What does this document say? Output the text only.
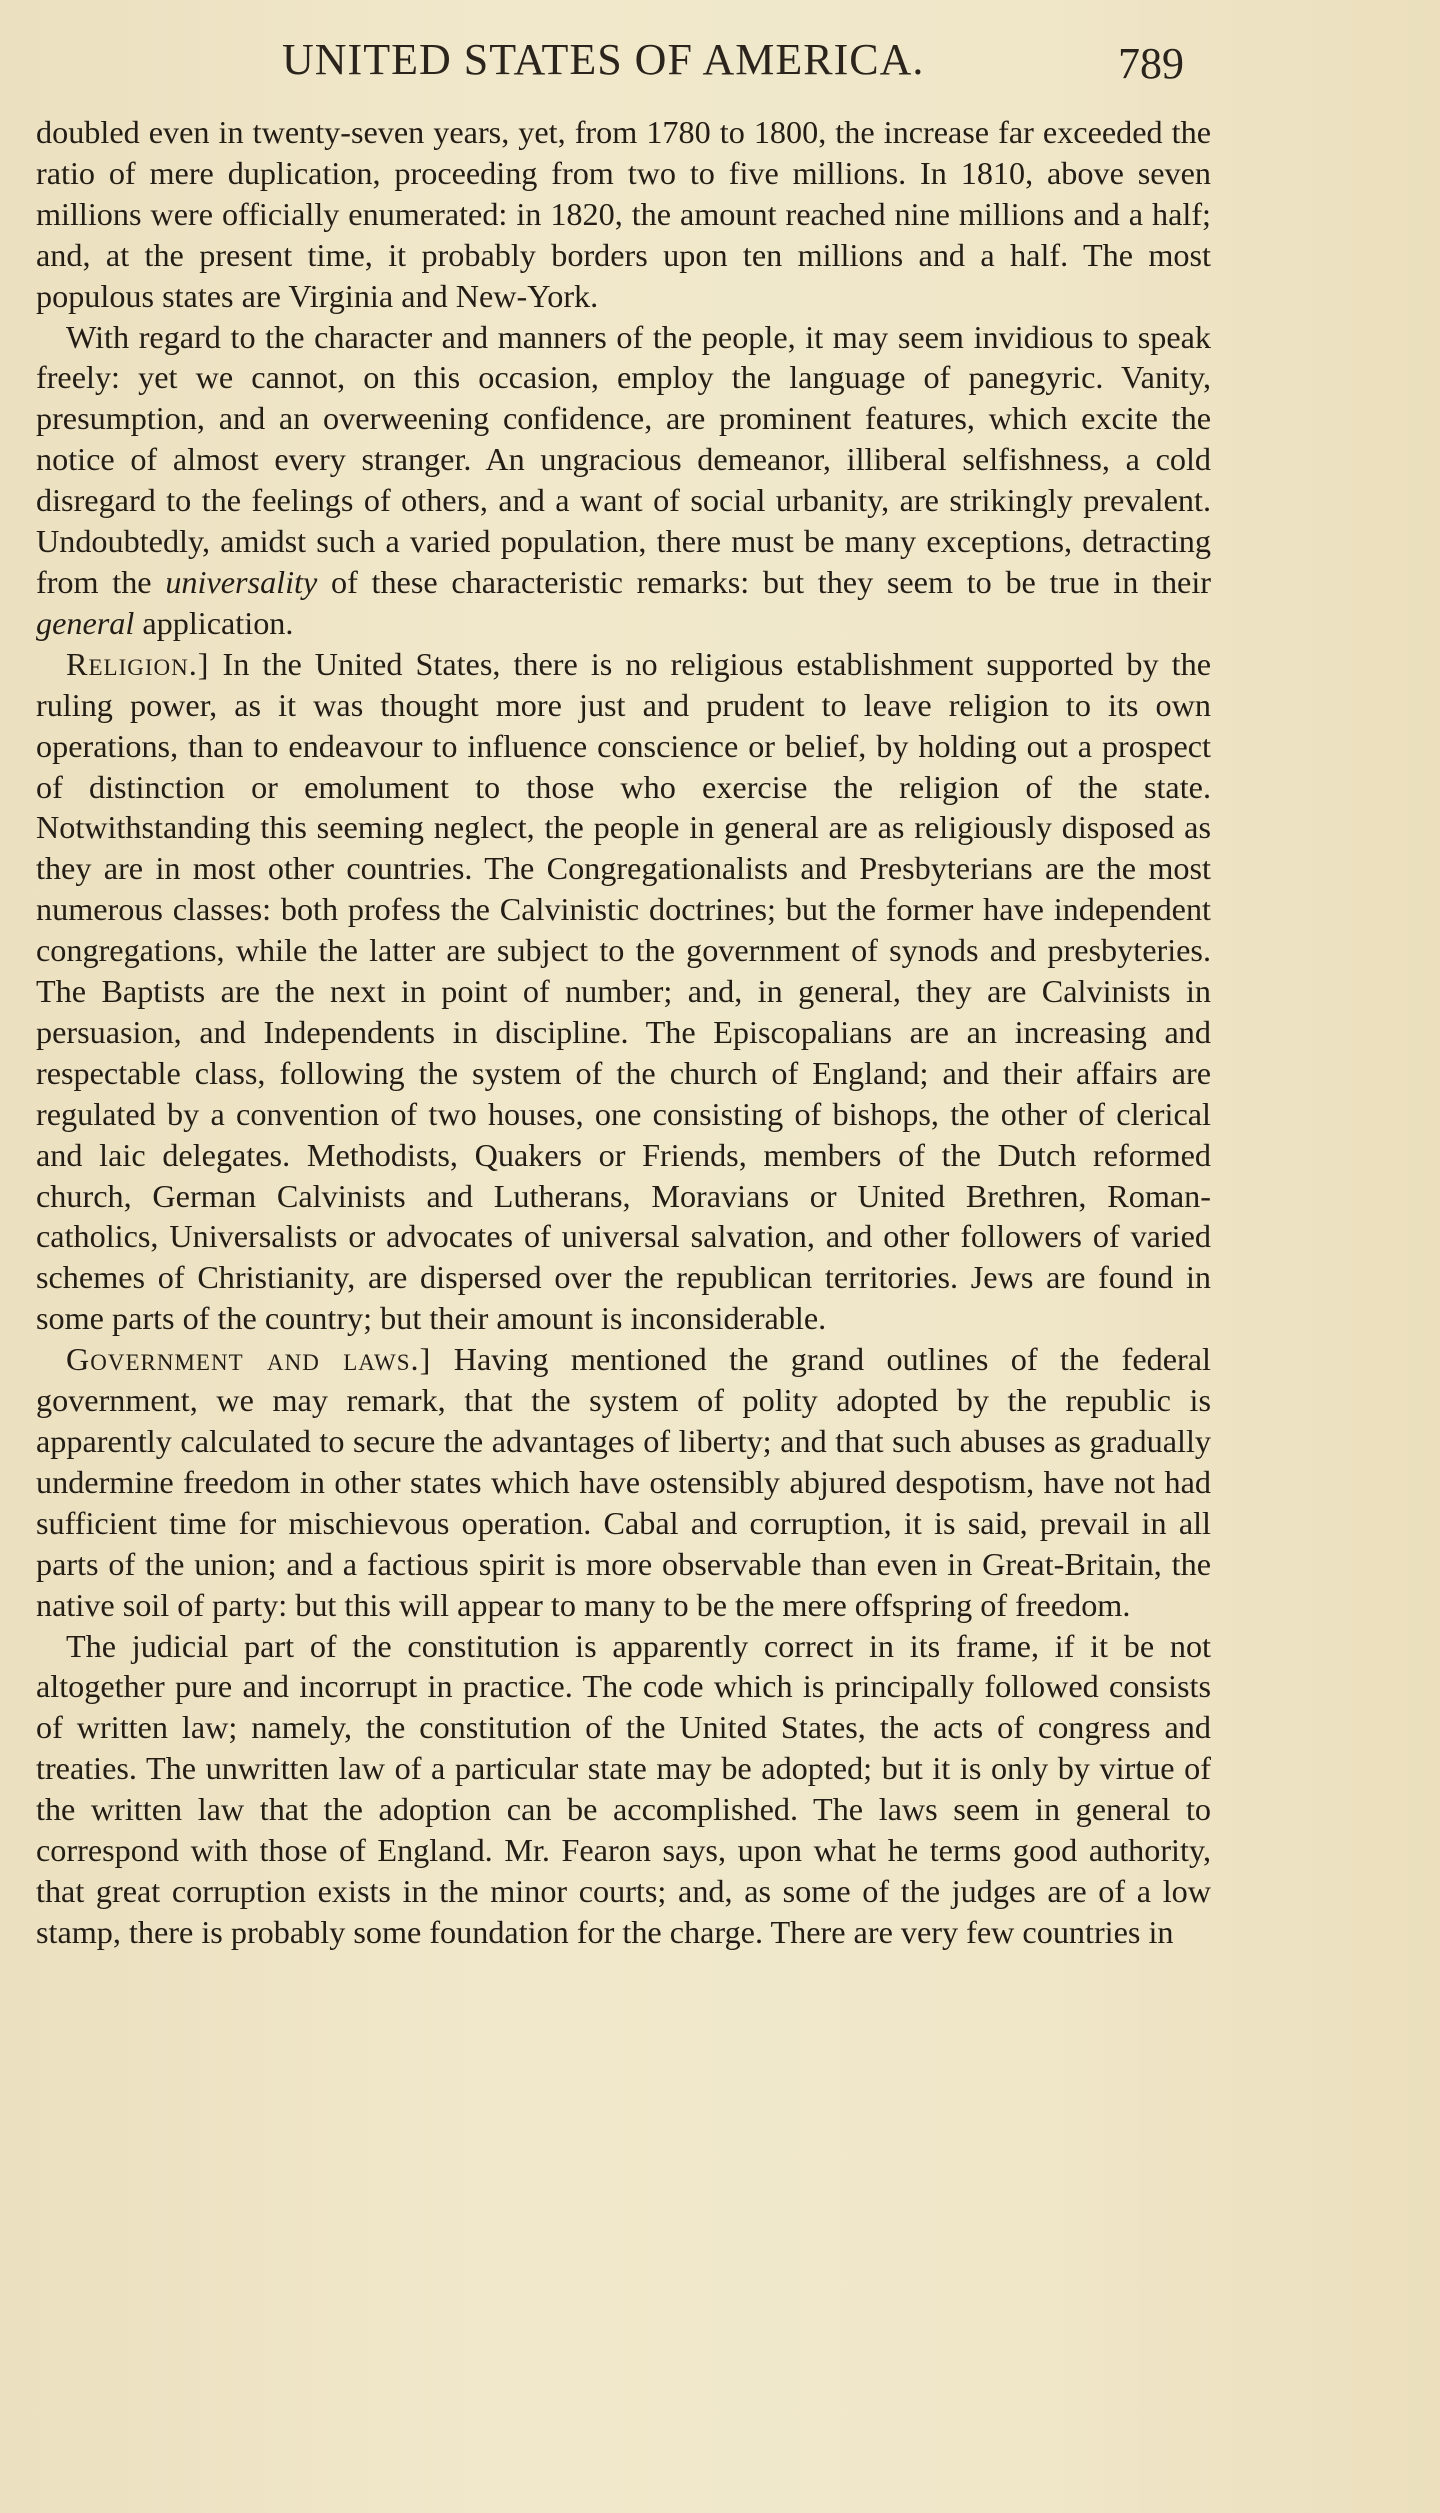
UNITED STATES OF AMERICA.	789

doubled even in twenty-seven years, yet, from 1780 to 1800, the increase far exceeded the ratio of mere duplication, proceeding from two to five millions. In 1810, above seven millions were officially enumerated: in 1820, the amount reached nine millions and a half; and, at the present time, it probably borders upon ten millions and a half. The most populous states are Virginia and New-York.

With regard to the character and manners of the people, it may seem invidious to speak freely: yet we cannot, on this occasion, employ the language of panegyric. Vanity, presumption, and an overweening confidence, are prominent features, which excite the notice of almost every stranger. An ungracious demeanor, illiberal selfishness, a cold disregard to the feelings of others, and a want of social urbanity, are strikingly prevalent. Undoubtedly, amidst such a varied population, there must be many exceptions, detracting from the universality of these characteristic remarks: but they seem to be true in their general application.

Religion.] In the United States, there is no religious establishment supported by the ruling power, as it was thought more just and prudent to leave religion to its own operations, than to endeavour to influence conscience or belief, by holding out a prospect of distinction or emolument to those who exercise the religion of the state. Notwithstanding this seeming neglect, the people in general are as religiously disposed as they are in most other countries. The Congregationalists and Presbyterians are the most numerous classes: both profess the Calvinistic doctrines; but the former have independent congregations, while the latter are subject to the government of synods and presbyteries. The Baptists are the next in point of number; and, in general, they are Calvinists in persuasion, and Independents in discipline. The Episcopalians are an increasing and respectable class, following the system of the church of England; and their affairs are regulated by a convention of two houses, one consisting of bishops, the other of clerical and laic delegates. Methodists, Quakers or Friends, members of the Dutch reformed church, German Calvinists and Lutherans, Moravians or United Brethren, Roman-catholics, Universalists or advocates of universal salvation, and other followers of varied schemes of Christianity, are dispersed over the republican territories. Jews are found in some parts of the country; but their amount is inconsiderable.

Government and laws.] Having mentioned the grand outlines of the federal government, we may remark, that the system of polity adopted by the republic is apparently calculated to secure the advantages of liberty; and that such abuses as gradually undermine freedom in other states which have ostensibly abjured despotism, have not had sufficient time for mischievous operation. Cabal and corruption, it is said, prevail in all parts of the union; and a factious spirit is more observable than even in Great-Britain, the native soil of party: but this will appear to many to be the mere offspring of freedom.

The judicial part of the constitution is apparently correct in its frame, if it be not altogether pure and incorrupt in practice. The code which is principally followed consists of written law; namely, the constitution of the United States, the acts of congress and treaties. The unwritten law of a particular state may be adopted; but it is only by virtue of the written law that the adoption can be accomplished. The laws seem in general to correspond with those of England. Mr. Fearon says, upon what he terms good authority, that great corruption exists in the minor courts; and, as some of the judges are of a low stamp, there is probably some foundation for the charge. There are very few countries in
